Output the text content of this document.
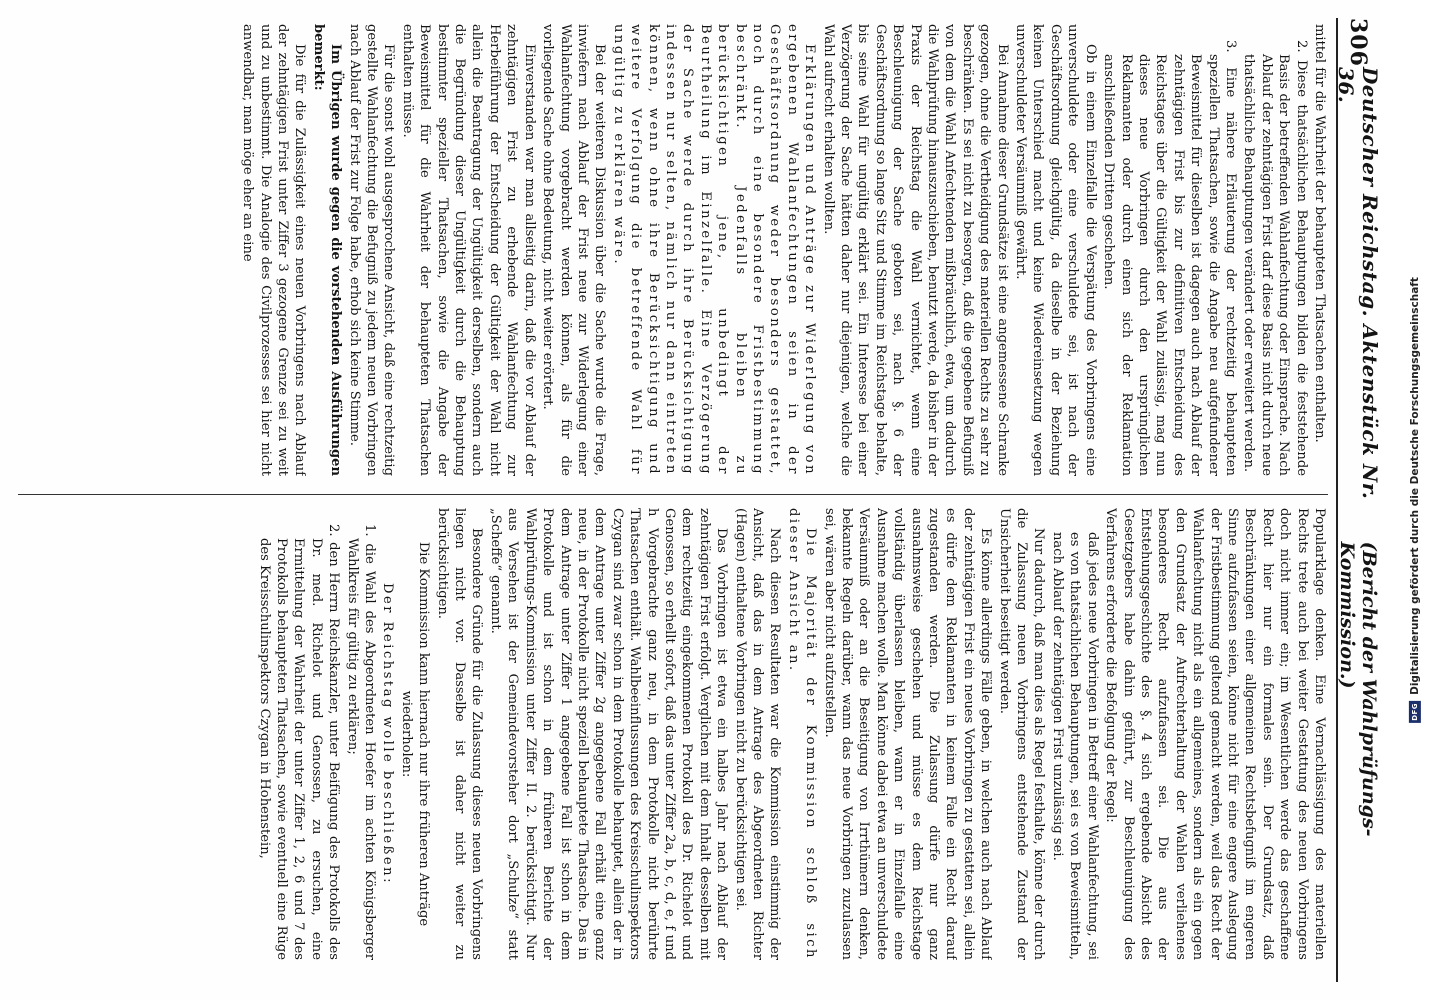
306
Deutscher Reichstag. Aktenstück Nr. 36.
(Bericht der Wahlprüfungs-Kommission.)

mittel für die Wahrheit der behaupteten Thatsachen enthalten.

2. Diese thatsächlichen Behauptungen bilden die feststehende Basis der betreffenden Wahlanfechtung oder Einsprache. Nach Ablauf der zehntägigen Frist darf diese Basis nicht durch neue thatsächliche Behauptungen verändert oder erweitert werden.

3. Eine nähere Erläuterung der rechtzeitig behaupteten speziellen Thatsachen, sowie die Angabe neu aufgefundener Beweismittel für dieselben ist dagegen auch nach Ablauf der zehntägigen Frist bis zur definitiven Entscheidung des Reichstages über die Gültigkeit der Wahl zulässig, mag nun dieses neue Vorbringen durch den ursprünglichen Reklamanten oder durch einen sich der Reklamation anschließenden Dritten geschehen.

Ob in einem Einzelfalle die Verspätung des Vorbringens eine unverschuldete oder eine verschuldete sei, ist nach der Geschäftsordnung gleichgültig, da dieselbe in der Beziehung keinen Unterschied macht und keine Wiedereinsetzung wegen unverschuldeter Versäumniß gewährt.

Bei Annahme dieser Grundsätze ist eine angemessene Schranke gezogen, ohne die Vertheidigung des materiellen Rechts zu sehr zu beschränken. Es sei nicht zu besorgen, daß die gegebene Befugniß von dem die Wahl Anfechtenden mißbräuchlich, etwa, um dadurch die Wahlprüfung hinauszuschieben, benutzt werde, da bisher in der Praxis der Reichstag die Wahl vernichtet, wenn eine Beschleunigung der Sache geboten sei, nach §. 6 der Geschäftsordnung so lange Sitz und Stimme im Reichstage behalte, bis seine Wahl für ungültig erklärt sei. Ein Interesse bei einer Verzögerung der Sache hätten daher nur diejenigen, welche die Wahl aufrecht erhalten wollten.

Erklärungen und Anträge zur Widerlegung von ergebenen Wahlanfechtungen seien in der Geschäftsordnung weder besonders gestattet, noch durch eine besondere Fristbestimmung beschränkt. Jedenfalls bleiben zu berücksichtigen jene, unbedingt der Beurtheilung im Einzelfalle. Eine Verzögerung der Sache werde durch ihre Berücksichtigung indessen nur selten, nämlich nur dann eintreten können, wenn ohne ihre Berücksichtigung und weitere Verfolgung die betreffende Wahl für ungültig zu erklären wäre.

Bei der weiteren Diskussion über die Sache wurde die Frage, inwiefern nach Ablauf der Frist neue zur Widerlegung einer Wahlanfechtung vorgebracht werden können, als für die vorliegende Sache ohne Bedeutung, nicht weiter erörtert.

Einverstanden war man allseitig darin, daß die vor Ablauf der zehntägigen Frist zu erhebende Wahlanfechtung zur Herbeiführung der Entscheidung der Gültigkeit der Wahl nicht allein die Beantragung der Ungültigkeit derselben, sondern auch die Begründung dieser Ungültigkeit durch die Behauptung bestimmter spezieller Thatsachen, sowie die Angabe der Beweismittel für die Wahrheit der behaupteten Thatsachen enthalten müsse.

Für die sonst wohl ausgesprochene Ansicht, daß eine rechtzeitig gestellte Wahlanfechtung die Befugniß zu jedem neuen Vorbringen nach Ablauf der Frist zur Folge habe, erhob sich keine Stimme.

Im Übrigen wurde gegen die vorstehenden Ausführungen bemerkt:

Die für die Zulässigkeit eines neuen Vorbringens nach Ablauf der zehntägigen Frist unter Ziffer 3 gezogene Grenze sei zu weit und zu unbestimmt. Die Analogie des Civilprozesses sei hier nicht anwendbar, man möge eher an eine

Popularklage denken. Eine Vernachlässigung des materiellen Rechts trete auch bei weiter Gestattung des neuen Vorbringens doch nicht immer ein; im Wesentlichen werde das geschaffene Recht hier nur ein formales sein. Der Grundsatz, daß Beschränkungen einer allgemeinen Rechtsbefugniß im engeren Sinne aufzufassen seien, könne nicht für eine engere Auslegung der Fristbestimmung geltend gemacht werden, weil das Recht der Wahlanfechtung nicht als ein allgemeines, sondern als ein gegen den Grundsatz der Aufrechterhaltung der Wahlen verliehenes besonderes Recht aufzufassen sei. Die aus der Entstehungsgeschichte des §. 4 sich ergebende Absicht des Gesetzgebers habe dahin geführt, zur Beschleunigung des Verfahrens erforderte die Befolgung der Regel:

daß jedes neue Vorbringen in Betreff einer Wahlanfechtung, sei es von thatsächlichen Behauptungen, sei es von Beweismitteln, nach Ablauf der zehntägigen Frist unzulässig sei.

Nur dadurch, daß man dies als Regel festhalte, könne der durch die Zulassung neuen Vorbringens entstehende Zustand der Unsicherheit beseitigt werden.

Es könne allerdings Fälle geben, in welchen auch nach Ablauf der zehntägigen Frist ein neues Vorbringen zu gestatten sei, allein es dürfe dem Reklamanten in keinem Falle ein Recht darauf zugestanden werden. Die Zulassung dürfe nur ganz ausnahmsweise geschehen und müsse es dem Reichstage vollständig überlassen bleiben, wann er in Einzelfalle eine Ausnahme machen wolle. Man könne dabei etwa an unverschuldete Versäumniß oder an die Beseitigung von Irrthümern denken, bekannte Regeln darüber, wann das neue Vorbringen zuzulassen sei, wären aber nicht aufzustellen.

Die Majorität der Kommission schloß sich dieser Ansicht an.

Nach diesen Resultaten war die Kommission einstimmig der Ansicht, daß das in dem Antrage des Abgeordneten Richter (Hagen) enthaltene Vorbringen nicht zu berücksichtigen sei.

Das Vorbringen ist etwa ein halbes Jahr nach Ablauf der zehntägigen Frist erfolgt. Verglichen mit dem Inhalt desselben mit dem rechtzeitig eingekommenen Protokoll des Dr. Richelot und Genossen, so erhellt sofort, daß das unter Ziffer 2a, b, c, d, e, f und h Vorgebrachte ganz neu, in dem Protokolle nicht berührte Thatsachen enthält. Wahlbeeinflussungen des Kreisschulinspektors Czygan sind zwar schon in dem Protokolle behauptet, allein der in dem Antrage unter Ziffer 2g angegebene Fall erhält eine ganz neue, in der Protokolle nicht speziell behauptete Thatsache. Das in dem Antrage unter Ziffer 1 angegebene Fall ist schon in dem Protokolle und ist schon in dem früheren Berichte der Wahlprüfungs-Kommission unter Ziffer II. 2. berücksichtigt. Nur aus Versehen ist der Gemeindevorsteher dort „Schulze“ statt „Scheffe“ genannt.

Besondere Gründe für die Zulassung dieses neuen Vorbringens liegen nicht vor. Dasselbe ist daher nicht weiter zu berücksichtigen.

Die Kommission kann hiernach nur ihre früheren Anträge wiederholen:

Der Reichstag wolle beschließen:

1. die Wahl des Abgeordneten Hoefer im achten Königsberger Wahlkreis für gültig zu erklären;

2. den Herrn Reichskanzler, unter Beifügung des Protokolls des Dr. med. Richelot und Genossen, zu ersuchen, eine Ermittelung der Wahrheit der unter Ziffer 1, 2, 6 und 7 des Protokolls behaupteten Thatsachen, sowie eventuell eine Rüge des Kreisschulinspektors Czygan in Hohenstein,	DFG
Digitalisierung gefördert durch die Deutsche Forschungsgemeinschaft
